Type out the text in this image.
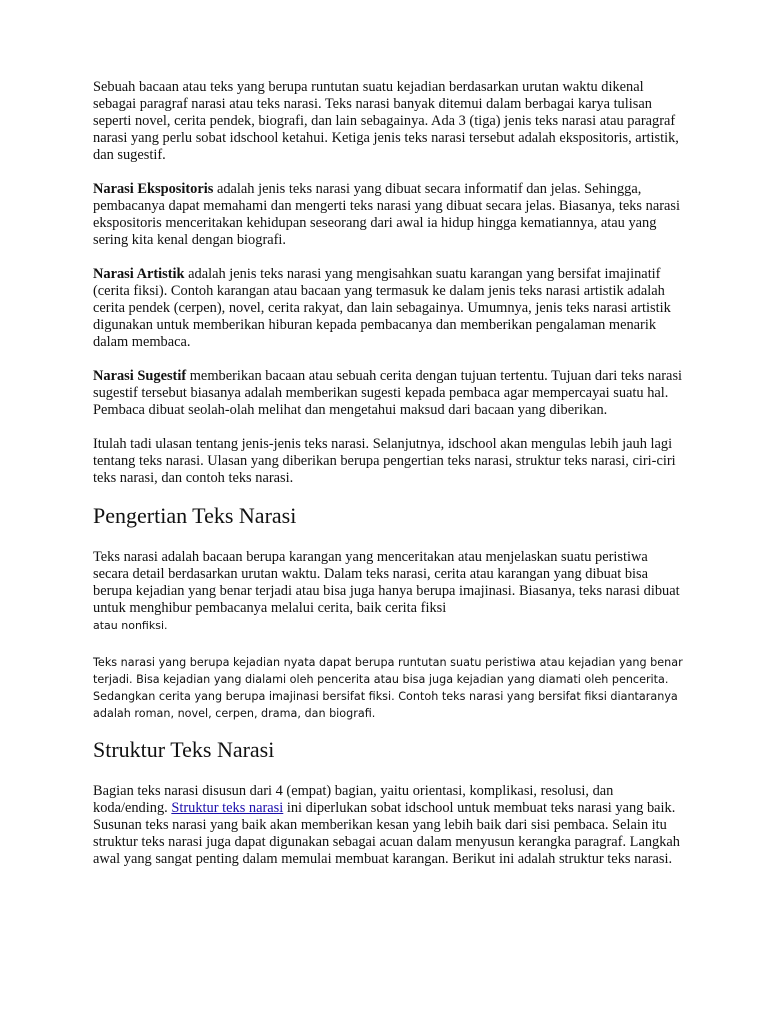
Sebuah bacaan atau teks yang berupa runtutan suatu kejadian berdasarkan urutan waktu dikenal sebagai paragraf narasi atau teks narasi. Teks narasi banyak ditemui dalam berbagai karya tulisan seperti novel, cerita pendek, biografi, dan lain sebagainya. Ada 3 (tiga) jenis teks narasi atau paragraf narasi yang perlu sobat idschool ketahui. Ketiga jenis teks narasi tersebut adalah ekspositoris, artistik, dan sugestif.

Narasi Ekspositoris adalah jenis teks narasi yang dibuat secara informatif dan jelas. Sehingga, pembacanya dapat memahami dan mengerti teks narasi yang dibuat secara jelas. Biasanya, teks narasi ekspositoris menceritakan kehidupan seseorang dari awal ia hidup hingga kematiannya, atau yang sering kita kenal dengan biografi.

Narasi Artistik adalah jenis teks narasi yang mengisahkan suatu karangan yang bersifat imajinatif (cerita fiksi). Contoh karangan atau bacaan yang termasuk ke dalam jenis teks narasi artistik adalah cerita pendek (cerpen), novel, cerita rakyat, dan lain sebagainya. Umumnya, jenis teks narasi artistik digunakan untuk memberikan hiburan kepada pembacanya dan memberikan pengalaman menarik dalam membaca.

Narasi Sugestif memberikan bacaan atau sebuah cerita dengan tujuan tertentu. Tujuan dari teks narasi sugestif tersebut biasanya adalah memberikan sugesti kepada pembaca agar mempercayai suatu hal. Pembaca dibuat seolah-olah melihat dan mengetahui maksud dari bacaan yang diberikan.

Itulah tadi ulasan tentang jenis-jenis teks narasi. Selanjutnya, idschool akan mengulas lebih jauh lagi tentang teks narasi. Ulasan yang diberikan berupa pengertian teks narasi, struktur teks narasi, ciri-ciri teks narasi, dan contoh teks narasi.

Pengertian Teks Narasi

Teks narasi adalah bacaan berupa karangan yang menceritakan atau menjelaskan suatu peristiwa secara detail berdasarkan urutan waktu. Dalam teks narasi, cerita atau karangan yang dibuat bisa berupa kejadian yang benar terjadi atau bisa juga hanya berupa imajinasi. Biasanya, teks narasi dibuat untuk menghibur pembacanya melalui cerita, baik cerita fiksi
atau nonfiksi.

Teks narasi yang berupa kejadian nyata dapat berupa runtutan suatu peristiwa atau kejadian yang benar terjadi. Bisa kejadian yang dialami oleh pencerita atau bisa juga kejadian yang diamati oleh pencerita. Sedangkan cerita yang berupa imajinasi bersifat fiksi. Contoh teks narasi yang bersifat fiksi diantaranya adalah roman, novel, cerpen, drama, dan biografi.

Struktur Teks Narasi

Bagian teks narasi disusun dari 4 (empat) bagian, yaitu orientasi, komplikasi, resolusi, dan koda/ending. Struktur teks narasi ini diperlukan sobat idschool untuk membuat teks narasi yang baik. Susunan teks narasi yang baik akan memberikan kesan yang lebih baik dari sisi pembaca. Selain itu struktur teks narasi juga dapat digunakan sebagai acuan dalam menyusun kerangka paragraf. Langkah awal yang sangat penting dalam memulai membuat karangan. Berikut ini adalah struktur teks narasi.
